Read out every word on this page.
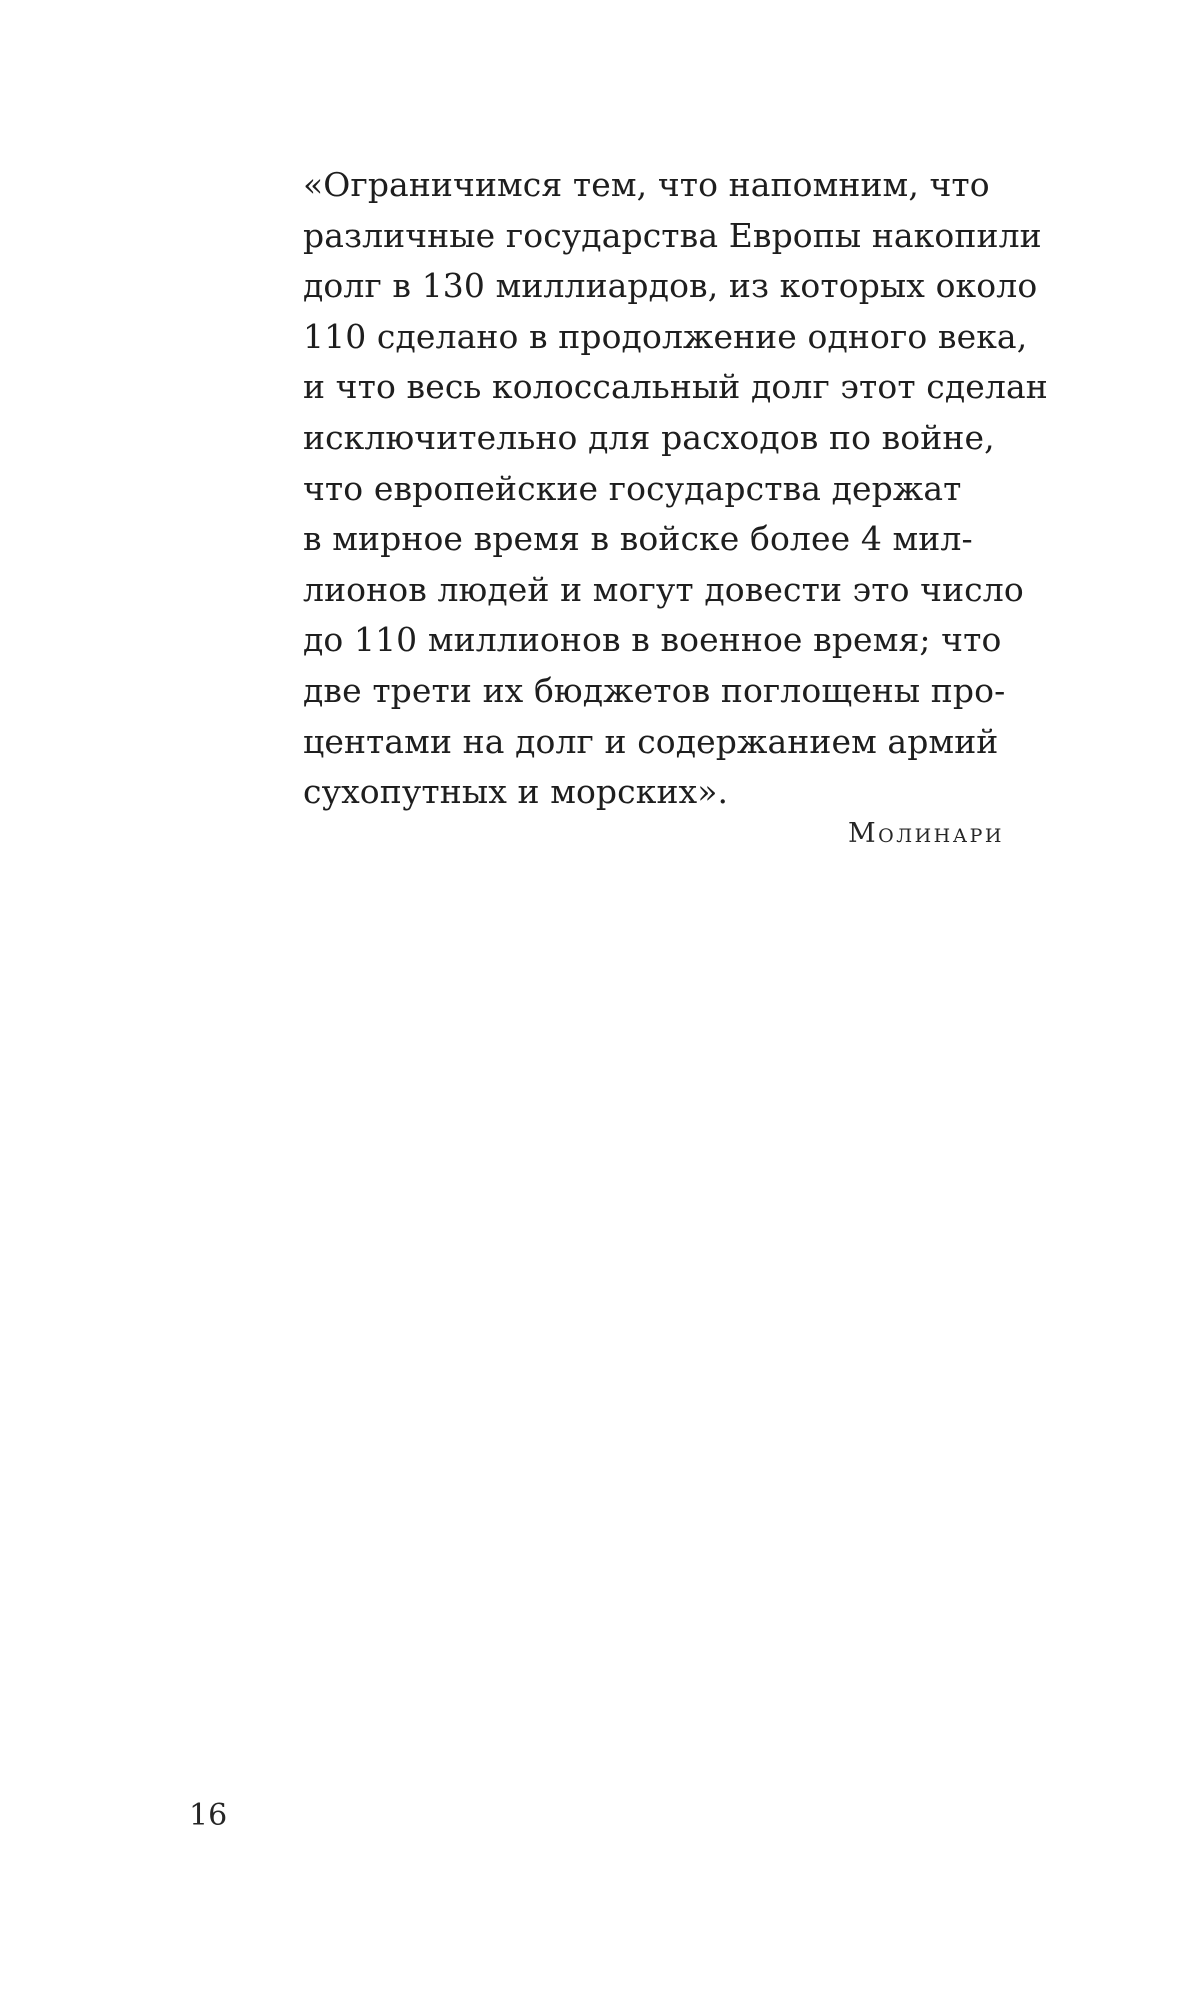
«Ограничимся тем, что напомним, что
различные государства Европы накопили
долг в 130 миллиардов, из которых около
110 сделано в продолжение одного века,
и что весь колоссальный долг этот сделан
исключительно для расходов по войне,
что европейские государства держат
в мирное время в войске более 4 мил-
лионов людей и могут довести это число
до 110 миллионов в военное время; что
две трети их бюджетов поглощены про-
центами на долг и содержанием армий
сухопутных и морских».

Молинари
16
